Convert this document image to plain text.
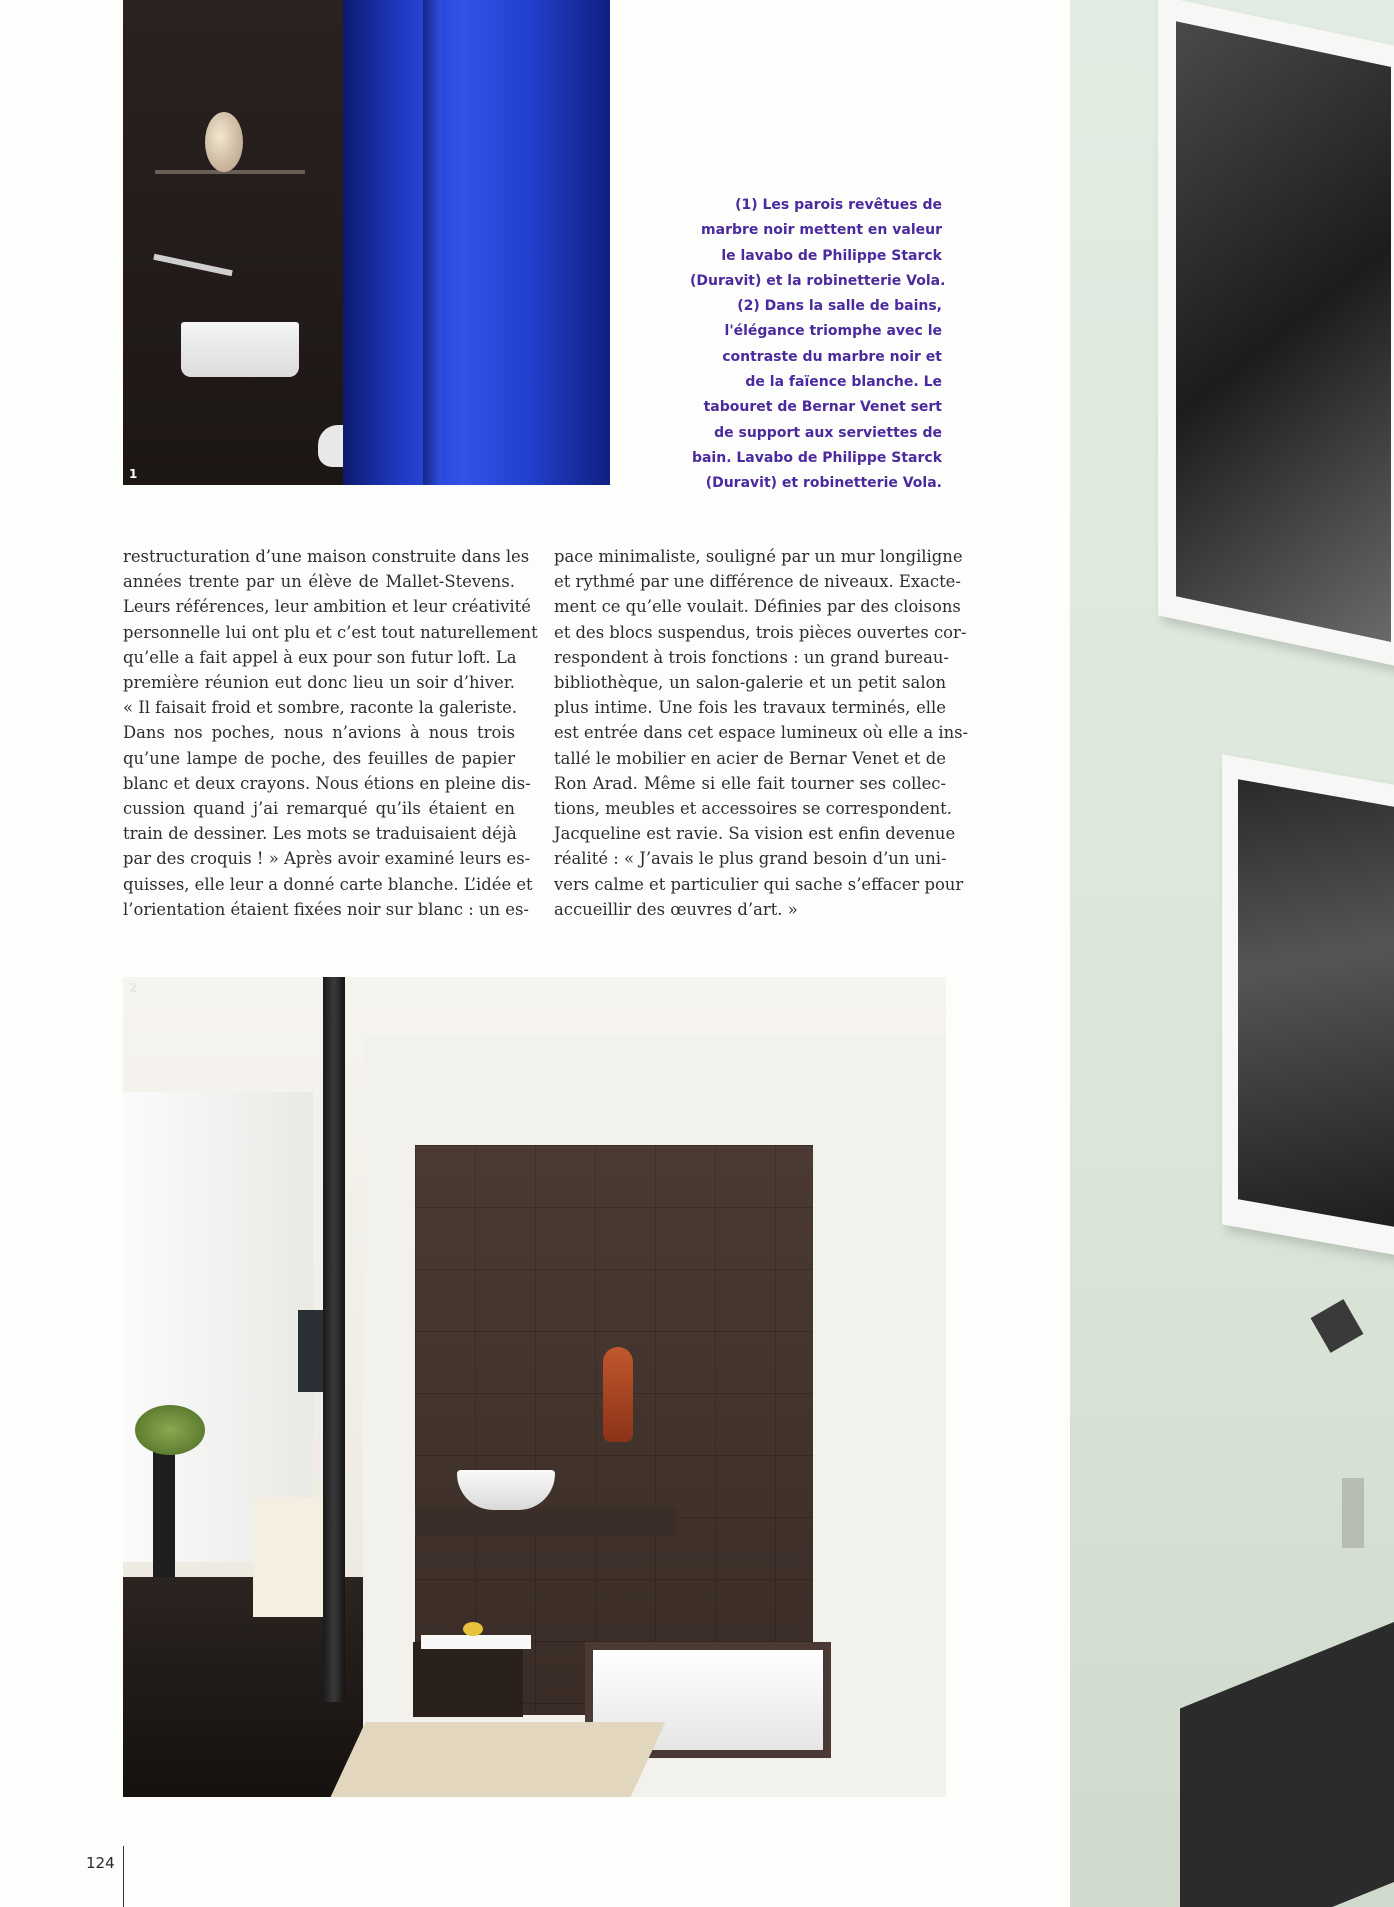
1

(1) Les parois revêtues de

marbre noir mettent en valeur

le lavabo de Philippe Starck

(Duravit) et la robinetterie Vola.

(2) Dans la salle de bains,

l'élégance triomphe avec le

contraste du marbre noir et

de la faïence blanche. Le

tabouret de Bernar Venet sert

de support aux serviettes de

bain. Lavabo de Philippe Starck

(Duravit) et robinetterie Vola.

restructuration d’une maison construite dans les

années trente par un élève de Mallet-Stevens.

Leurs références, leur ambition et leur créativité

personnelle lui ont plu et c’est tout naturellement

qu’elle a fait appel à eux pour son futur loft. La

première réunion eut donc lieu un soir d’hiver.

« Il faisait froid et sombre, raconte la galeriste.

Dans nos poches, nous n’avions à nous trois

qu’une lampe de poche, des feuilles de papier

blanc et deux crayons. Nous étions en pleine dis-

cussion quand j’ai remarqué qu’ils étaient en

train de dessiner. Les mots se traduisaient déjà

par des croquis ! » Après avoir examiné leurs es-

quisses, elle leur a donné carte blanche. L’idée et

l’orientation étaient fixées noir sur blanc : un es-

pace minimaliste, souligné par un mur longiligne

et rythmé par une différence de niveaux. Exacte-

ment ce qu’elle voulait. Définies par des cloisons

et des blocs suspendus, trois pièces ouvertes cor-

respondent à trois fonctions : un grand bureau-

bibliothèque, un salon-galerie et un petit salon

plus intime. Une fois les travaux terminés, elle

est entrée dans cet espace lumineux où elle a ins-

tallé le mobilier en acier de Bernar Venet et de

Ron Arad. Même si elle fait tourner ses collec-

tions, meubles et accessoires se correspondent.

Jacqueline est ravie. Sa vision est enfin devenue

réalité : « J’avais le plus grand besoin d’un uni-

vers calme et particulier qui sache s’effacer pour

accueillir des œuvres d’art. »

2
124
